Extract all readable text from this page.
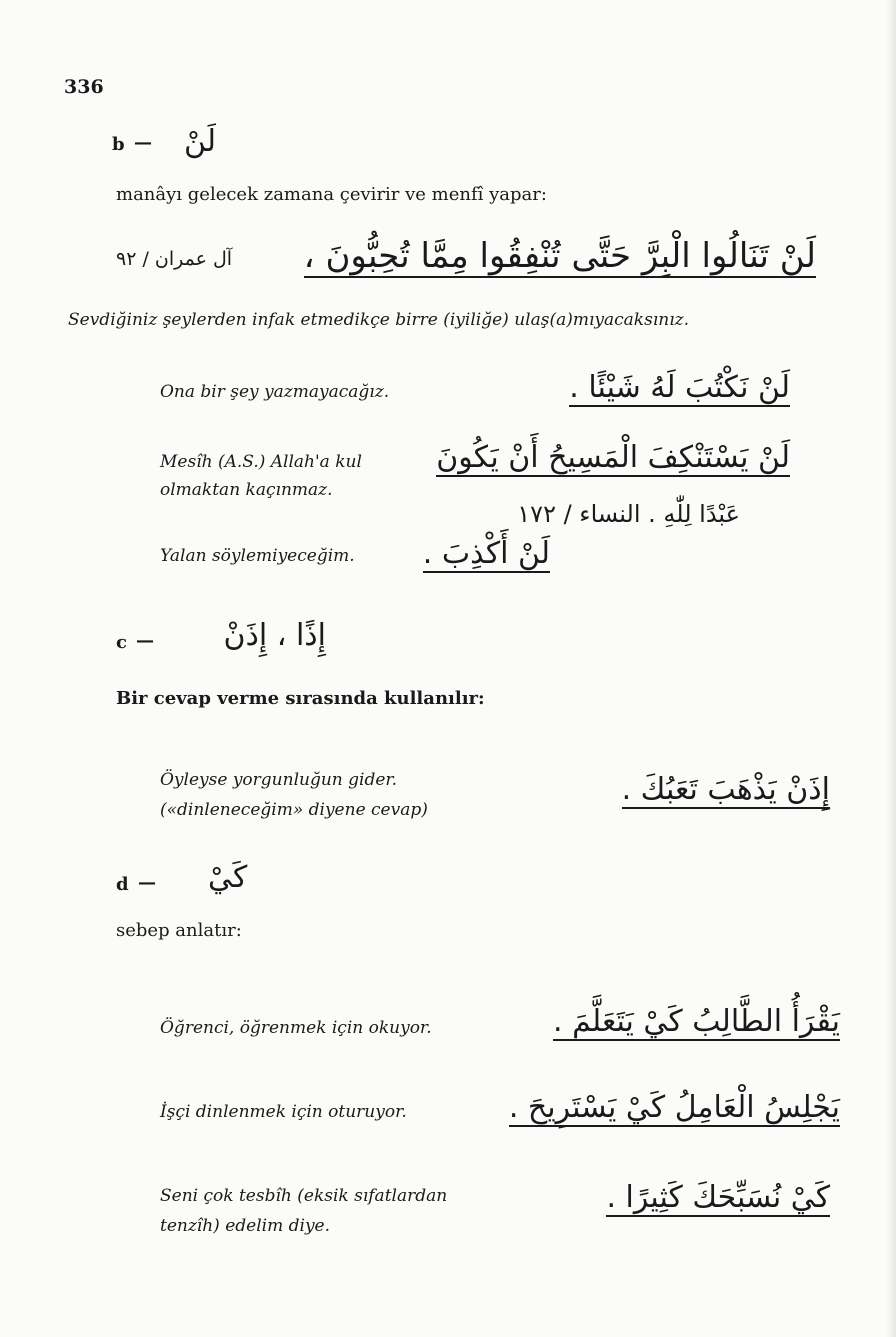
336
b — لَنْ
manâyı gelecek zamana çevirir ve menfî yapar:
آل عمران / ٩٢ لَنْ تَنَالُوا الْبِرَّ حَتَّى تُنْفِقُوا مِمَّا تُحِبُّونَ ،
Sevdiğiniz şeylerden infak etmedikçe birre (iyiliğe) ulaş(a)mıyacaksınız.
Ona bir şey yazmayacağız.	لَنْ نَكْتُبَ لَهُ شَيْئًا .
Mesîh (A.S.) Allah'a kul
olmaktan kaçınmaz.
لَنْ يَسْتَنْكِفَ الْمَسِيحُ أَنْ يَكُونَ
عَبْدًا لِلّٰهِ . النساء / ١٧٢
Yalan söylemiyeceğim. لَنْ أَكْذِبَ .
c —	إِذًا ، إِذَنْ
Bir cevap verme sırasında kullanılır:
Öyleyse yorgunluğun gider.
(«dinleneceğim» diyene cevap)
إِذَنْ يَذْهَبَ تَعَبُكَ .
d — كَيْ
sebep anlatır:
Öğrenci, öğrenmek için okuyor.	يَقْرَأُ الطَّالِبُ كَيْ يَتَعَلَّمَ .
İşçi dinlenmek için oturuyor.	يَجْلِسُ الْعَامِلُ كَيْ يَسْتَرِيحَ .
Seni çok tesbîh (eksik sıfatlardan
tenzîh) edelim diye.
كَيْ نُسَبِّحَكَ كَثِيرًا .
